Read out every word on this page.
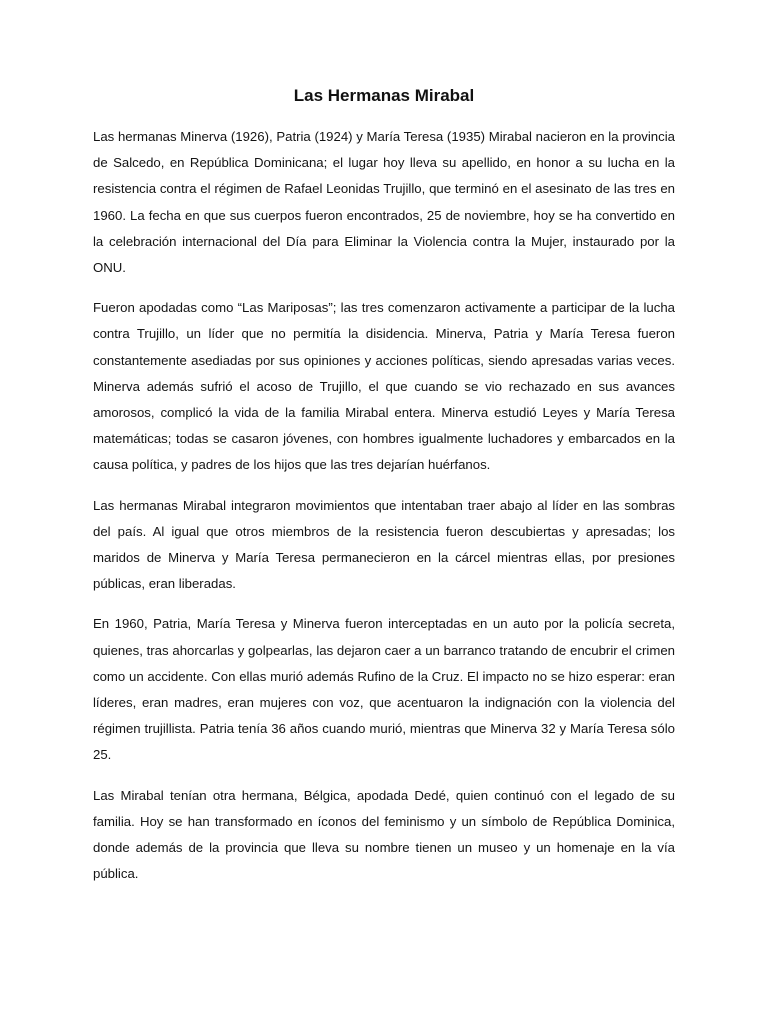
Las Hermanas Mirabal

Las hermanas Minerva (1926), Patria (1924) y María Teresa (1935) Mirabal nacieron en la provincia de Salcedo, en República Dominicana; el lugar hoy lleva su apellido, en honor a su lucha en la resistencia contra el régimen de Rafael Leonidas Trujillo, que terminó en el asesinato de las tres en 1960. La fecha en que sus cuerpos fueron encontrados, 25 de noviembre, hoy se ha convertido en la celebración internacional del Día para Eliminar la Violencia contra la Mujer, instaurado por la ONU.

Fueron apodadas como “Las Mariposas”; las tres comenzaron activamente a participar de la lucha contra Trujillo, un líder que no permitía la disidencia. Minerva, Patria y María Teresa fueron constantemente asediadas por sus opiniones y acciones políticas, siendo apresadas varias veces. Minerva además sufrió el acoso de Trujillo, el que cuando se vio rechazado en sus avances amorosos, complicó la vida de la familia Mirabal entera. Minerva estudió Leyes y María Teresa matemáticas; todas se casaron jóvenes, con hombres igualmente luchadores y embarcados en la causa política, y padres de los hijos que las tres dejarían huérfanos.

Las hermanas Mirabal integraron movimientos que intentaban traer abajo al líder en las sombras del país. Al igual que otros miembros de la resistencia fueron descubiertas y apresadas; los maridos de Minerva y María Teresa permanecieron en la cárcel mientras ellas, por presiones públicas, eran liberadas.

En 1960, Patria, María Teresa y Minerva fueron interceptadas en un auto por la policía secreta, quienes, tras ahorcarlas y golpearlas, las dejaron caer a un barranco tratando de encubrir el crimen como un accidente. Con ellas murió además Rufino de la Cruz. El impacto no se hizo esperar: eran líderes, eran madres, eran mujeres con voz, que acentuaron la indignación con la violencia del régimen trujillista. Patria tenía 36 años cuando murió, mientras que Minerva 32 y María Teresa sólo 25.

Las Mirabal tenían otra hermana, Bélgica, apodada Dedé, quien continuó con el legado de su familia. Hoy se han transformado en íconos del feminismo y un símbolo de República Dominica, donde además de la provincia que lleva su nombre tienen un museo y un homenaje en la vía pública.
